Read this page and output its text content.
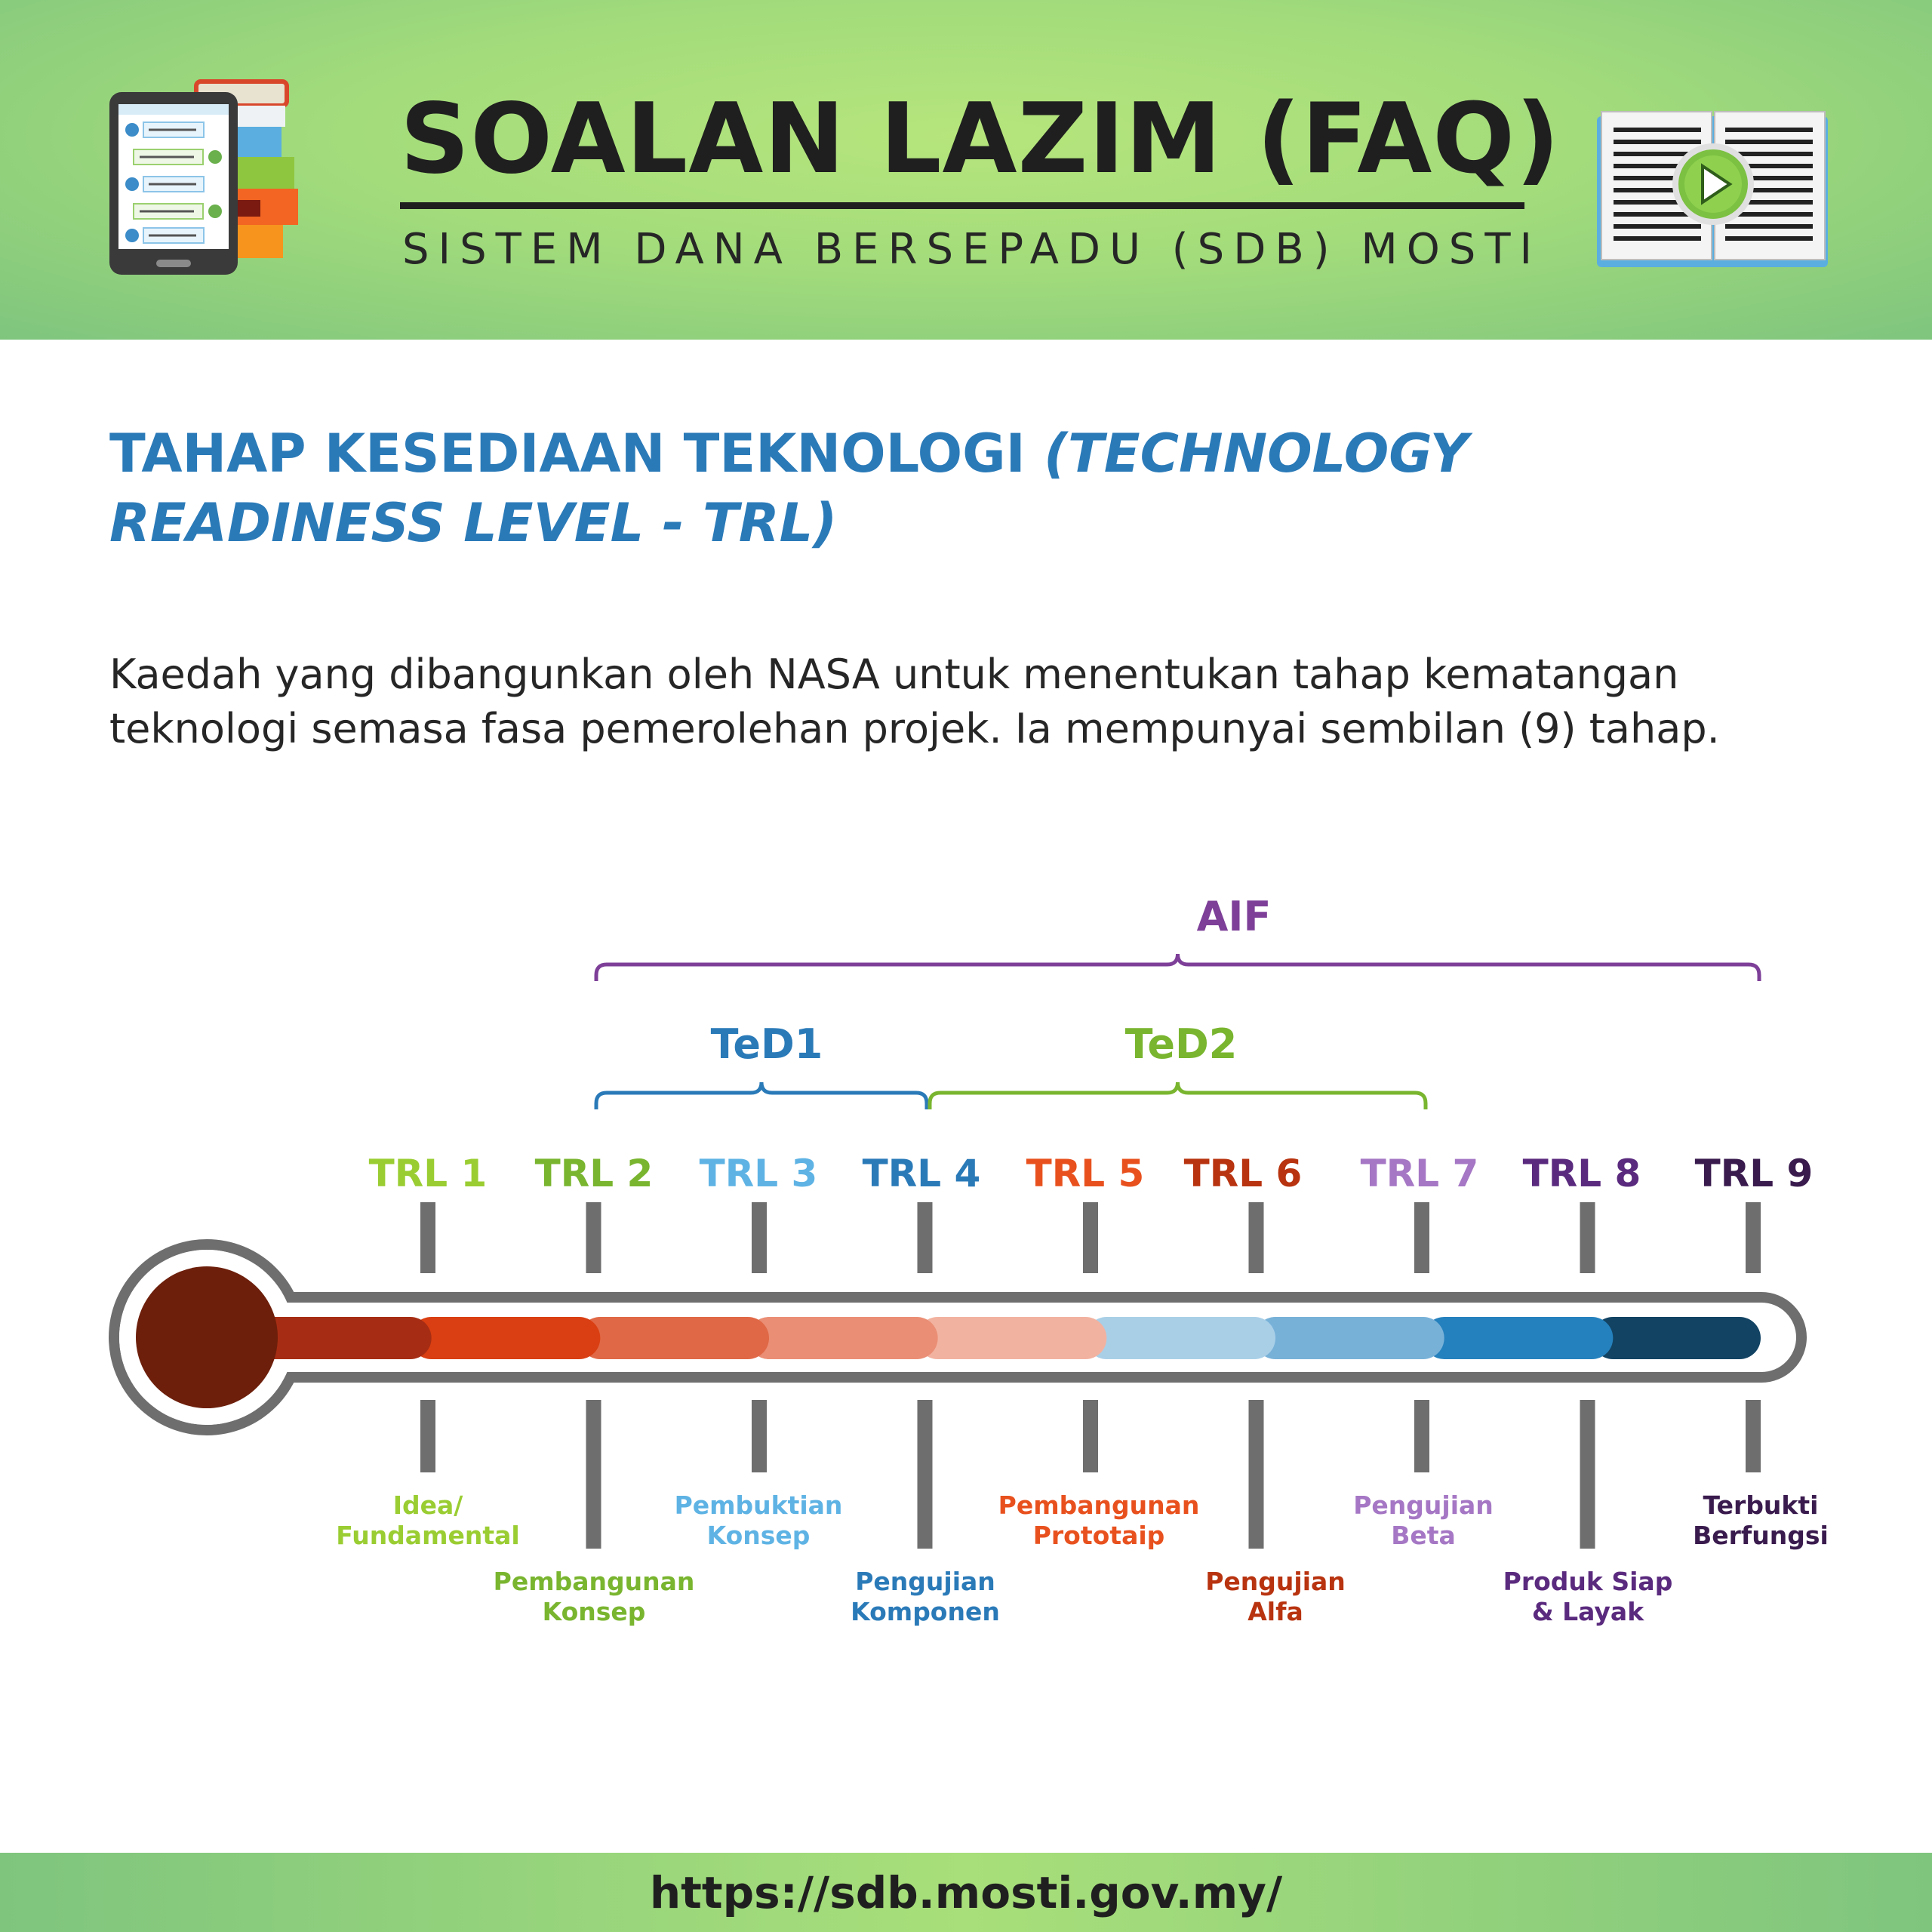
SOALAN LAZIM (FAQ)
SISTEM DANA BERSEPADU (SDB) MOSTI
TAHAP KESEDIAAN TEKNOLOGI (TECHNOLOGY
READINESS LEVEL - TRL)
Kaedah yang dibangunkan oleh NASA untuk menentukan tahap kematangan teknologi semasa fasa pemerolehan projek. Ia mempunyai sembilan (9) tahap.
AIF
TeD1	TeD2
TRL 1 TRL 2 TRL 3 TRL 4 TRL 5 TRL 6 TRL 7 TRL 8 TRL 9
Idea/
Fundamental
Pembangunan
Konsep
Pembuktian
Konsep
Pengujian
Komponen
Pembangunan
Prototaip
Pengujian
Alfa
Pengujian
Beta
Produk Siap
& Layak
Terbukti
Berfungsi
https://sdb.mosti.gov.my/
